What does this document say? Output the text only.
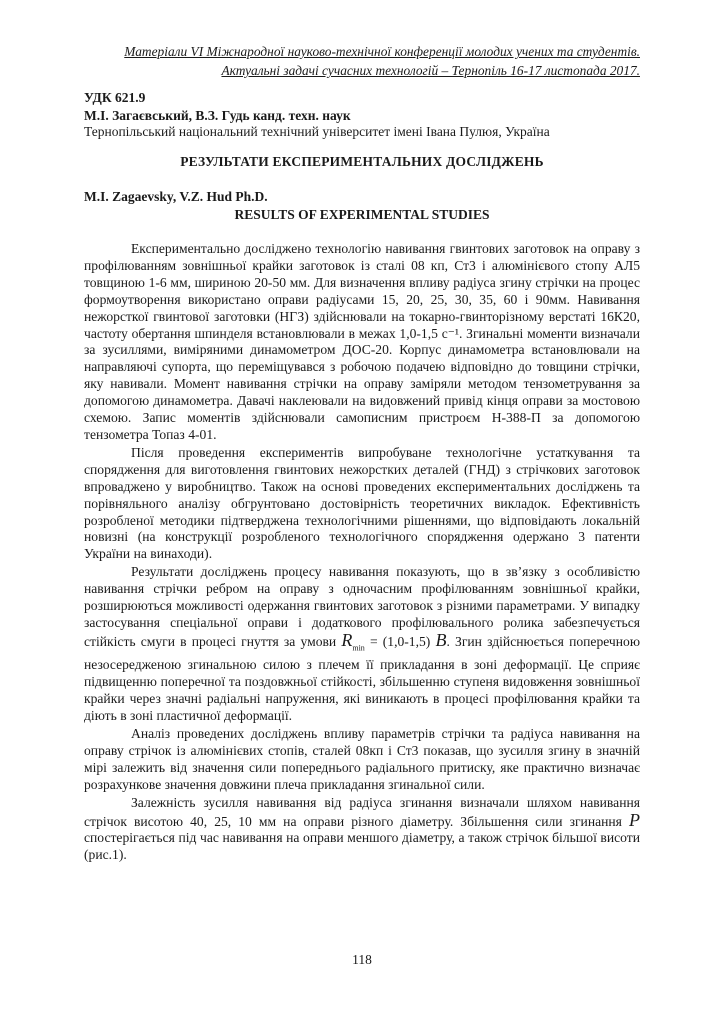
Матеріали VI Міжнародної науково-технічної конференції молодих учених та студентів.
Актуальні задачі сучасних технологій – Тернопіль 16-17 листопада 2017.
УДК 621.9
М.І. Загаєвський, В.З. Гудь канд. техн. наук
Тернопільський національний технічний університет імені Івана Пулюя, Україна
РЕЗУЛЬТАТИ ЕКСПЕРИМЕНТАЛЬНИХ ДОСЛІДЖЕНЬ
M.I. Zagaevsky, V.Z. Hud Ph.D.
RESULTS OF EXPERIMENTAL STUDIES

Експериментально досліджено технологію навивання гвинтових заготовок на оправу з профілюванням зовнішньої крайки заготовок із сталі 08 кп, Ст3 і алюмінієвого стопу АЛ5 товщиною 1-6 мм, шириною 20-50 мм. Для визначення впливу радіуса згину стрічки на процес формоутворення використано оправи радіусами 15, 20, 25, 30, 35, 60 і 90мм. Навивання нежорсткої гвинтової заготовки (НГЗ) здійснювали на токарно-гвинторізному верстаті 16К20, частоту обертання шпинделя встановлювали в межах 1,0-1,5 с⁻¹. Згинальні моменти визначали за зусиллями, виміряними динамометром ДОС-20. Корпус динамометра встановлювали на направляючі супорта, що переміщувався з робочою подачею відповідно до товщини стрічки, яку навивали. Момент навивання стрічки на оправу заміряли методом тензометрування за допомогою динамометра. Давачі наклеювали на видовжений привід кінця оправи за мостовою схемою. Запис моментів здійснювали самописним пристроєм Н-388-П за допомогою тензометра Топаз 4-01.

Після проведення експериментів випробуване технологічне устаткування та спорядження для виготовлення гвинтових нежорстких деталей (ГНД) з стрічкових заготовок впроваджено у виробництво. Також на основі проведених експериментальних досліджень та порівняльного аналізу обгрунтовано достовірність теоретичних викладок. Ефективність розробленої методики підтверджена технологічними рішеннями, що відповідають локальній новизні (на конструкції розробленого технологічного спорядження одержано 3 патенти України на винаходи).

Результати досліджень процесу навивання показують, що в зв’язку з особливістю навивання стрічки ребром на оправу з одночасним профілюванням зовнішньої крайки, розширюються можливості одержання гвинтових заготовок з різними параметрами. У випадку застосування спеціальної оправи і додаткового профілювального ролика забезпечується стійкість смуги в процесі гнуття за умови $R_{min} = (1,0-1,5)$ B. Згин здійснюється поперечною незосередженою згинальною силою з плечем її прикладання в зоні деформації. Це сприяє підвищенню поперечної та поздовжньої стійкості, збільшенню ступеня видовження зовнішньої крайки через значні радіальні напруження, які виникають в процесі профілювання крайки та діють в зоні пластичної деформації.

Аналіз проведених досліджень впливу параметрів стрічки та радіуса навивання на оправу стрічок із алюмінієвих стопів, сталей 08кп і Ст3 показав, що зусилля згину в значній мірі залежить від значення сили попереднього радіального притиску, яке практично визначає розрахункове значення довжини плеча прикладання згинальної сили.

Залежність зусилля навивання від радіуса згинання визначали шляхом навивання стрічок висотою 40, 25, 10 мм на оправи різного діаметру. Збільшення сили згинання P спостерігається під час навивання на оправи меншого діаметру, а також стрічок більшої висоти (рис.1).

118
